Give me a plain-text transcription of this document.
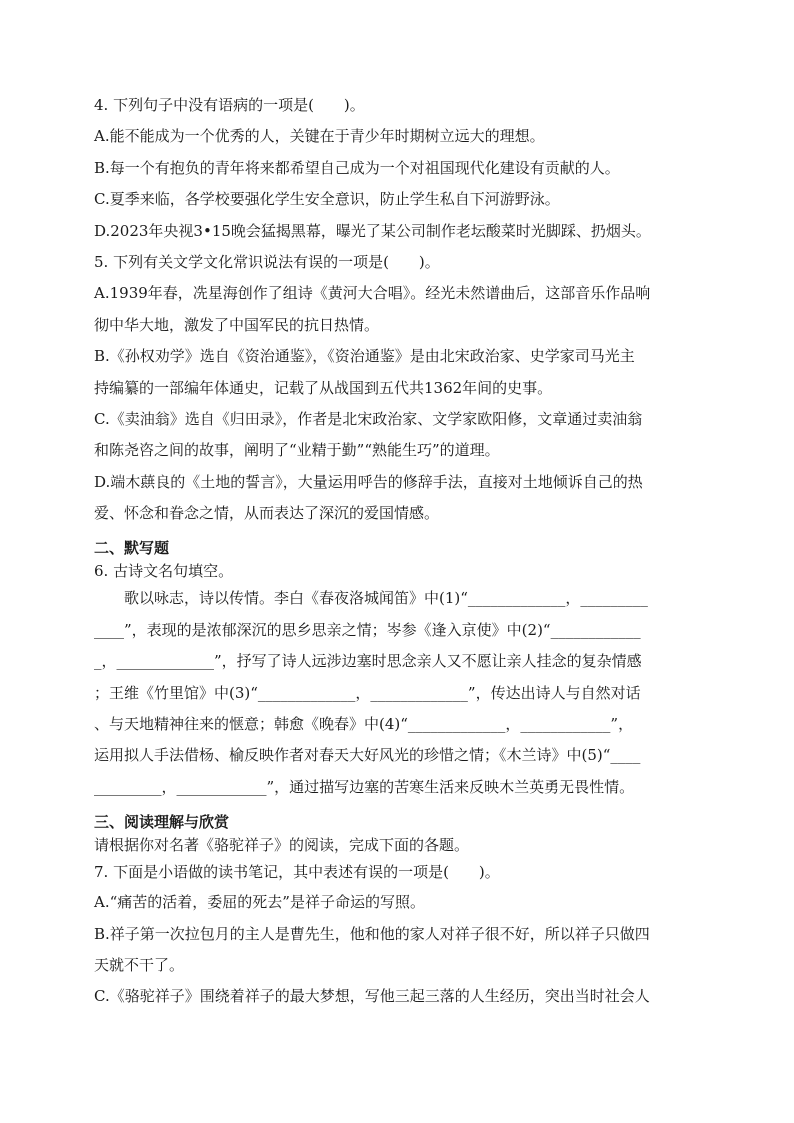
4. 下列句子中没有语病的一项是(　　)。
A.能不能成为一个优秀的人，关键在于青少年时期树立远大的理想。
B.每一个有抱负的青年将来都希望自己成为一个对祖国现代化建设有贡献的人。
C.夏季来临，各学校要强化学生安全意识，防止学生私自下河游野泳。
D.2023年央视3•15晚会猛揭黑幕，曝光了某公司制作老坛酸菜时光脚踩、扔烟头。
5. 下列有关文学文化常识说法有误的一项是(　　)。
A.1939年春，冼星海创作了组诗《黄河大合唱》。经光未然谱曲后，这部音乐作品响
彻中华大地，激发了中国军民的抗日热情。
B.《孙权劝学》选自《资治通鉴》，《资治通鉴》是由北宋政治家、史学家司马光主
持编纂的一部编年体通史，记载了从战国到五代共1362年间的史事。
C.《卖油翁》选自《归田录》，作者是北宋政治家、文学家欧阳修，文章通过卖油翁
和陈尧咨之间的故事，阐明了“业精于勤”“熟能生巧”的道理。
D.端木蕻良的《土地的誓言》，大量运用呼告的修辞手法，直接对土地倾诉自己的热
爱、怀念和眷念之情，从而表达了深沉的爱国情感。
二、默写题
6. 古诗文名句填空。
歌以咏志，诗以传情。李白《春夜洛城闻笛》中(1)“_____________，_________
____”，表现的是浓郁深沉的思乡思亲之情；岑参《逢入京使》中(2)“____________
_，_____________”，抒写了诗人远涉边塞时思念亲人又不愿让亲人挂念的复杂情感
；王维《竹里馆》中(3)“_____________，_____________”，传达出诗人与自然对话
、与天地精神往来的惬意；韩愈《晚春》中(4)“_____________，____________”，
运用拟人手法借杨、榆反映作者对春天大好风光的珍惜之情；《木兰诗》中(5)“____
_________，____________”，通过描写边塞的苦寒生活来反映木兰英勇无畏性情。
三、阅读理解与欣赏
请根据你对名著《骆驼祥子》的阅读，完成下面的各题。
7. 下面是小语做的读书笔记，其中表述有误的一项是(　　)。
A.“痛苦的活着，委屈的死去”是祥子命运的写照。
B.祥子第一次拉包月的主人是曹先生，他和他的家人对祥子很不好，所以祥子只做四
天就不干了。
C.《骆驼祥子》围绕着祥子的最大梦想，写他三起三落的人生经历，突出当时社会人
